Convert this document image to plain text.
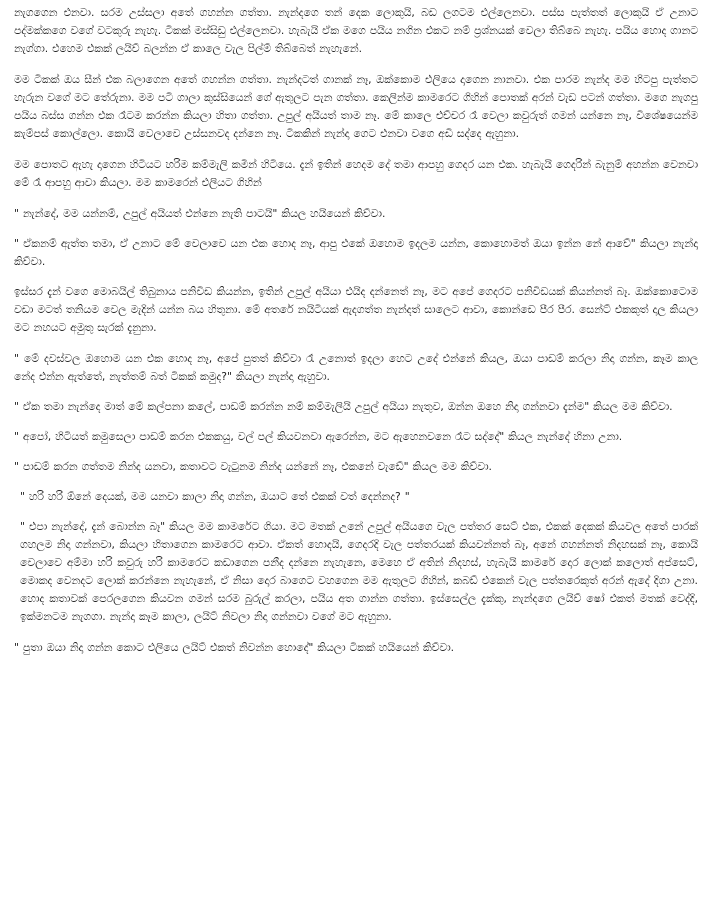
නැගගෙන එනවා. සරම උස්සලා අතේ ගහන්න ගත්තා. නැන්දගෙ තන් දෙක ලොකුයි, බඩ ලගටම එල්ලෙනවා. පස්ස පැත්තත් ලොකුයි ඒ උනාට පද්මක්කගෙ වගේ වටකුරු නැහැ. ටිකක් මස්සිඩු එල්ලෙනවා. හැබැයි ඒක මගෙ පයිය නගින එකට නම් ප්‍රශ්නයක් වෙලා තිබ්බෙ නැහැ. පයිය හොද ගානට නැග්ගා. එහෙම එකක් ලයිව් බලන්න ඒ කාලෙ වැල පිල්ම් තිබ්බෙත් නැහැනේ.

මම ටිකක් ඔය සීන් එක බලාගෙන අතේ ගහන්න ගත්තා. නැන්දටත් ගානක් නෑ, ඔක්කොම එලියෙ දාගෙන නානවා. එක පාරම නැන්ද මම හිටපු පැත්තට හැරුන වගේ මට තේරුනා. මම පටි ගාලා කුස්සියෙන් ගේ ඇතුලට පැන ගත්තා. කෙලින්ම කාමරෙට ගිහින් පොතක් අරන් වැඩ පටන් ගත්තා. මගෙ නැගපු පයිය බස්ස ගන්න එක රෑටම කරන්න කියලා හිතා ගත්තා. උපුල් අයියත් තාම නෑ. මේ කාලෙ එච්චර රෑ වෙලා කවුරුත් ගමන් යන්නෙ නෑ, විශේෂයෙන්ම කැම්පස් කොල්ලො. කොයි වෙලාවෙ උස්සනවද දන්නෙ නෑ. ටිකකින් නැන්දා ගෙට එනවා වගෙ අඩි සද්දෙ ඇහුනා.

මම පොතට ඇහැ දාගෙන හිටියට හරිම කම්මැලි කමින් හිටියෙ. දැන් ඉතින් හෙදම දේ තමා ආපහු ගෙදර යන එක. හැබැයි ගෙදරින් බැනුම් අහන්න වෙනවා මේ රෑ ආපහු ආවා කියලා. මම කාමරෙන් එලියට ගිහින්

" නැන්දේ, මම යන්නම්, උපුල් අයියත් එන්නෙ නැති පාටයි" කියල හයියෙන් කිව්වා.

" ඒකනම් ඇත්ත තමා, ඒ උනාට මේ වෙලාවෙ යන එක හොද නෑ, ආපු එකේ ඔහොම ඉදලම යන්න, කොහොමත් ඔයා ඉන්න නේ ආවේ" කියලා නැන්දා කිව්වා.

ඉස්සර දැන් වගෙ මොබයිල් තිබුනාය පනිවිඩ කියන්න, ඉතින් උපුල් අයියා එයිද දන්නෙත් නෑ, මට අපේ ගෙදරට පනිවිඩයක් කියන්නත් බෑ. ඔක්කොටොම වඩා මටත් තනියම වෙල මැදින් යන්න බය හිතුනා. මේ අතරේ නයිටියක් ඇදගත්ත නැන්දත් සාලෙට ආවා, කොන්ඩෙ පීර පීර. සෙන්ට් එකකුත් දාල කියලා මට නහයට අමුතු සැරක් දැනුනා.

" මේ දවස්වල ඔහොම යන එක හොද නෑ, අපේ පුතත් කිව්වා රෑ උනොත් ඉදලා හෙට උදේ එන්නේ කියල, ඔයා පාඩම් කරලා නිදා ගන්න, කෑම කාල නේද එන්න ඇත්තේ, නැත්තම් බත් ටිකක් කමුද?" කියලා නැන්දා ඇහුවා.

" ඒක තමා නැන්දෙ මාත් මේ කල්පනා කලේ, පාඩම් කරන්න නම් කම්මැලියි උපුල් අයියා නැතුව, ඔන්න ඔහෙ නිදා ගන්නවා දැන්ම" කියල මම කිව්වා.

" අපෝ, හිටියත් කමුසෙලා පාඩම් කරන එකකයු, වල් පල් කියවනවා ඇරෙන්න, මට ඇහෙනවනෙ රෑට සද්දේ" කියල නැන්දේ හිනා උනා.

" පාඩම් කරන ගත්තම නින්ද යනවා, කතාවට වැටුනම නින්ද යන්නේ නෑ, එකනේ වැඩේ" කියල මම කිව්වා.

" හරි හරි ඕනේ දෙයක්, මම යනවා කාලා නිදා ගන්න, ඔයාට තේ එකක් වත් දෙන්නද? "

" එපා නැන්දේ, දැන් බොන්න බෑ" කියල මම කාමරේට ගියා. මට මතක් උනේ උපුල් අයියගෙ වැල පත්තර සෙට් එක, එකක් දෙකක් කියවල අතේ පාරක් ගහලම නිදා ගන්නවා, කියලා හිතාගෙන කාමරෙට ආවා. ඒකත් හොදයි, ගෙදරදි වැල පත්තරයක් කියවන්නත් බෑ, අනේ ගහන්නත් නිදහසක් නෑ, කොයි වෙලාවෙ අම්මා හරි කවුරු හරි කාමරෙට කඩාගෙන පනීද දන්නෙ නැහැනෙ, මෙහෙ ඒ අතින් නිදහස්, හැබැයි කාමරේ දොර ලොක් කලොත් අප්සෙට්, මොකද වෙනදට ලොක් කරන්නෙ නැහැනේ, ඒ නිසා දොර බාගෙට වහගෙන මම ඇතුලට ගිහින්, කබඩ් එකෙන් වැල පත්තරෙකුත් අරන් ඇදේ දිගා උනා. හොද කතාවක් පෙරලගෙන කියවන ගමන් සරම බුරුල් කරලා, පයිය අත ගාන්න ගත්තා. ඉස්සෙල්ල දැක්කු, නැන්දගෙ ලයිව් ෂෝ එකත් මතක් වෙද්දි, ඉක්මනටම නැගගා. නැන්දා කෑම කාලා, ලයිට් නිවලා නිදා ගන්නවා වගේ මට ඇහුනා.

" පුතා ඔයා නිදා ගන්න කොට එලියෙ ලයිට් එකත් නිවන්න හොදේ" කියලා ටිකක් හයියෙන් කිව්වා.
